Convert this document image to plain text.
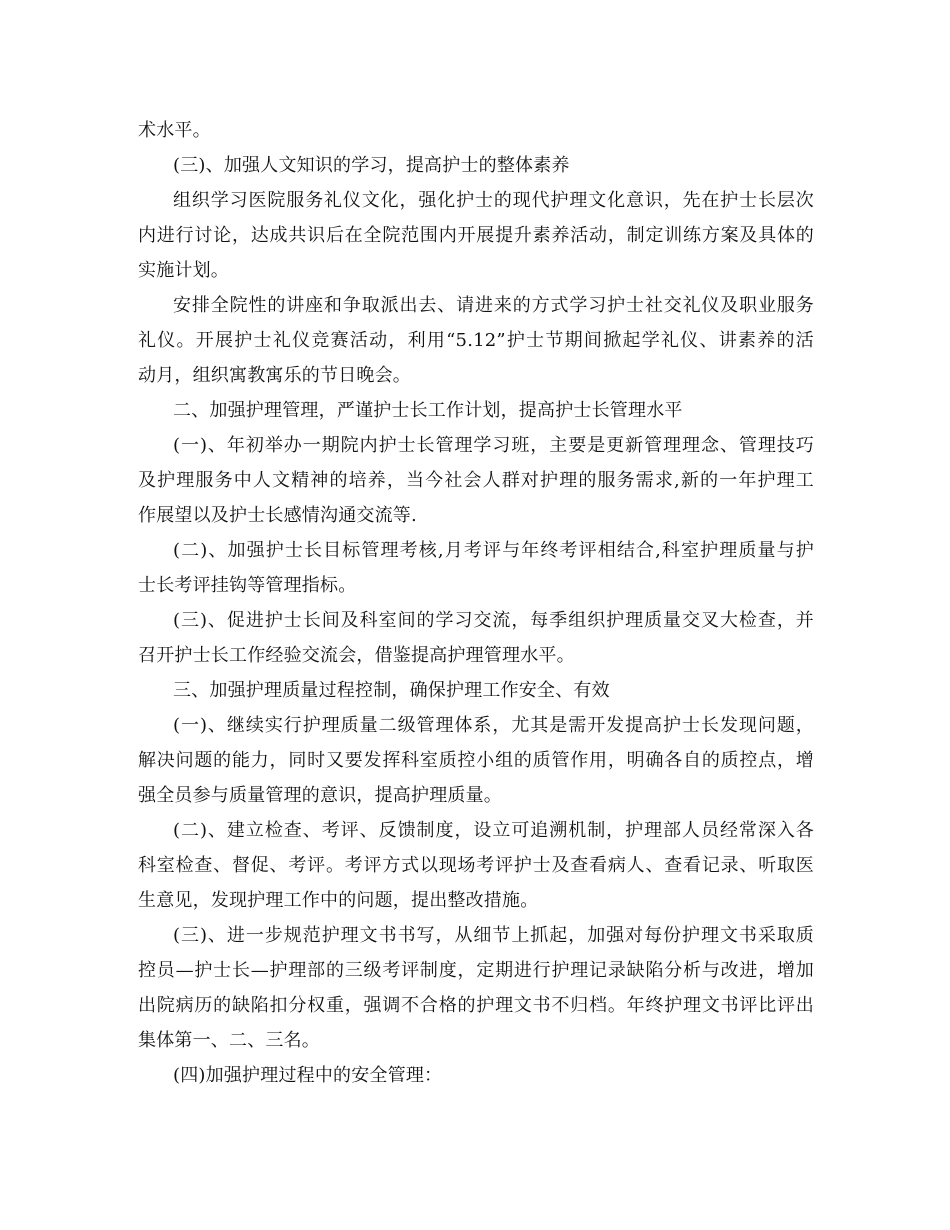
术水平。
(三)、加强人文知识的学习，提高护士的整体素养
组织学习医院服务礼仪文化，强化护士的现代护理文化意识，先在护士长层次
内进行讨论，达成共识后在全院范围内开展提升素养活动，制定训练方案及具体的
实施计划。
安排全院性的讲座和争取派出去、请进来的方式学习护士社交礼仪及职业服务
礼仪。开展护士礼仪竞赛活动，利用“5.12”护士节期间掀起学礼仪、讲素养的活
动月，组织寓教寓乐的节日晚会。
二、加强护理管理，严谨护士长工作计划，提高护士长管理水平
(一)、年初举办一期院内护士长管理学习班，主要是更新管理理念、管理技巧
及护理服务中人文精神的培养，当今社会人群对护理的服务需求,新的一年护理工
作展望以及护士长感情沟通交流等.
(二)、加强护士长目标管理考核,月考评与年终考评相结合,科室护理质量与护
士长考评挂钩等管理指标。
(三)、促进护士长间及科室间的学习交流，每季组织护理质量交叉大检查，并
召开护士长工作经验交流会，借鉴提高护理管理水平。
三、加强护理质量过程控制，确保护理工作安全、有效
(一)、继续实行护理质量二级管理体系，尤其是需开发提高护士长发现问题，
解决问题的能力，同时又要发挥科室质控小组的质管作用，明确各自的质控点，增
强全员参与质量管理的意识，提高护理质量。
(二)、建立检查、考评、反馈制度，设立可追溯机制，护理部人员经常深入各
科室检查、督促、考评。考评方式以现场考评护士及查看病人、查看记录、听取医
生意见，发现护理工作中的问题，提出整改措施。
(三)、进一步规范护理文书书写，从细节上抓起，加强对每份护理文书采取质
控员—护士长—护理部的三级考评制度，定期进行护理记录缺陷分析与改进，增加
出院病历的缺陷扣分权重，强调不合格的护理文书不归档。年终护理文书评比评出
集体第一、二、三名。
(四)加强护理过程中的安全管理：
